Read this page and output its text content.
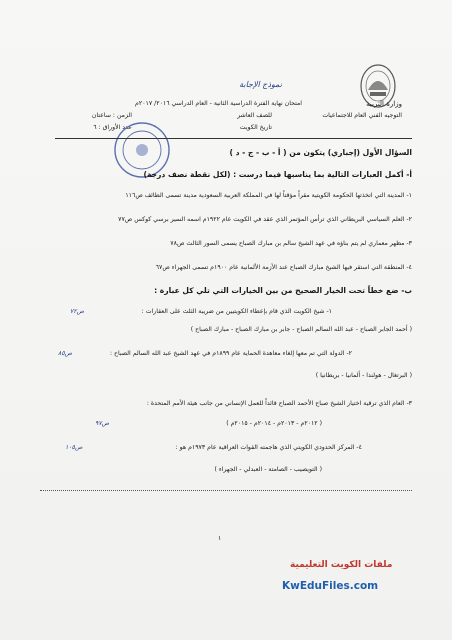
وزارة التربية
التوجيه الفني العام للاجتماعيات
نموذج الإجابة
امتحان نهاية الفترة الدراسية الثانية - العام الدراسي ٢٠١٦/ ٢٠١٧م
للصف العاشر
تاريخ الكويت
الزمن : ساعتان
عدد الأوراق : ٦
السؤال الأول (إجباري) يتكون من ( أ - ب - ج - د )
أ- أكمل العبارات التالية بما يناسبها فيما درست : (لكل نقطة نصف درجة)
١- المدينة التي اتخذتها الحكومة الكويتية مقراً مؤقتاً لها في المملكة العربية السعودية مدينة تسمى الطائف ص١١٦
٢- العلم السياسي البريطاني الذي ترأس المؤتمر الذي عقد في الكويت عام ١٩٢٢م اسمه السير برسي كوكس ص٧٧
٣- مظهر معماري لم يتم بناؤه في عهد الشيخ سالم بن مبارك الصباح يسمى السور الثالث ص٧٨
٤- المنطقة التي استقر فيها الشيخ مبارك الصباح عند الأزمة الألمانية عام ١٩٠٠م تسمى الجهراء ص٦٧
ب- ضع خطاً تحت الخيار الصحيح من بين الخيارات التي تلي كل عبارة :
١- شيخ الكويت الذي قام بإعطاء الكويتيين من ضريبة الثلث على العقارات :
ص٧٢
( أحمد الجابر الصباح - عبد الله السالم الصباح - جابر بن مبارك الصباح - مبارك الصباح )
٢- الدولة التي تم معها إلغاء معاهدة الحماية عام ١٨٩٩م في عهد الشيخ عبد الله السالم الصباح :
ص٨٥
( البرتغال - هولندا - ألمانيا - بريطانيا )
٣- العام الذي ترقية اختيار الشيخ صباح الأحمد الصباح قائداً للعمل الإنساني من جانب هيئة الأمم المتحدة :
ص٩٧	( ٢٠١٢م - ٢٠١٣م - ٢٠١٤م - ٢٠١٥م )
٤- المركز الحدودي الكويتي الذي هاجمته القوات العراقية عام ١٩٧٣م هو :
ص١٠٥
( التويصيب - الصامتة - العبدلي - الجهراء )
١
ملفات الكويت التعليمية
KwEduFiles.com
